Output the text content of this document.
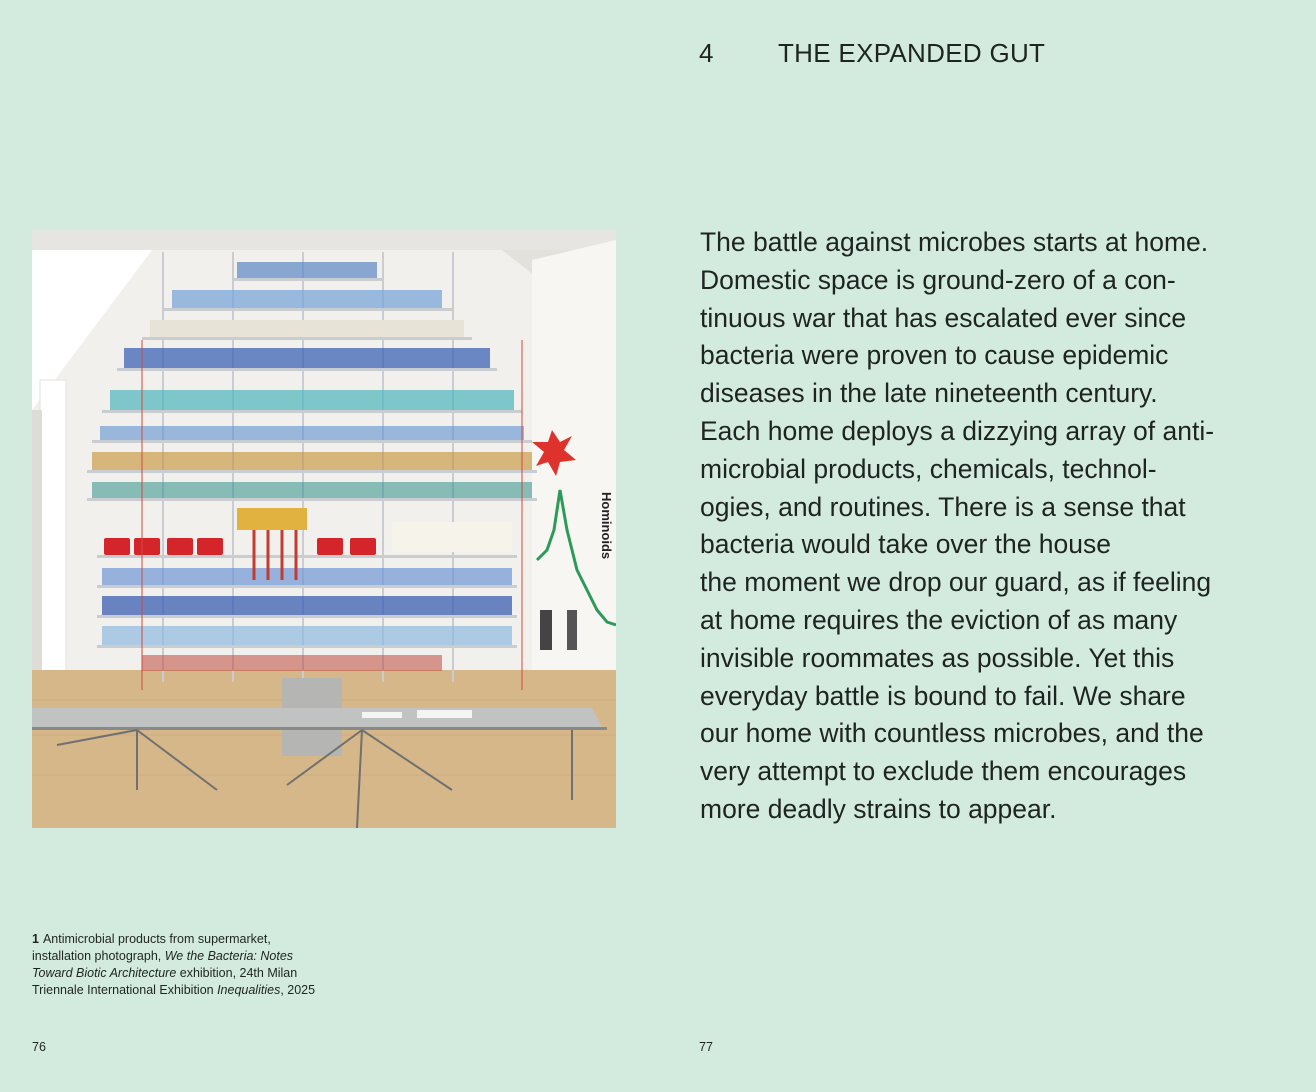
4 THE EXPANDED GUT
Hominoids
1 Antimicrobial products from supermarket, installation photograph, We the Bacteria: Notes Toward Biotic Architecture exhibition, 24th Milan Triennale International Exhibition Inequalities, 2025
The battle against microbes starts at home.
Domestic space is ground-zero of a con-
tinuous war that has escalated ever since
bacteria were proven to cause epidemic
diseases in the late nineteenth century.
Each home deploys a dizzying array of anti-
microbial products, chemicals, technol-
ogies, and routines. There is a sense that
bacteria would take over the house
the moment we drop our guard, as if feeling
at home requires the eviction of as many
invisible roommates as possible. Yet this
everyday battle is bound to fail. We share
our home with countless microbes, and the
very attempt to exclude them encourages
more deadly strains to appear.
76	77
